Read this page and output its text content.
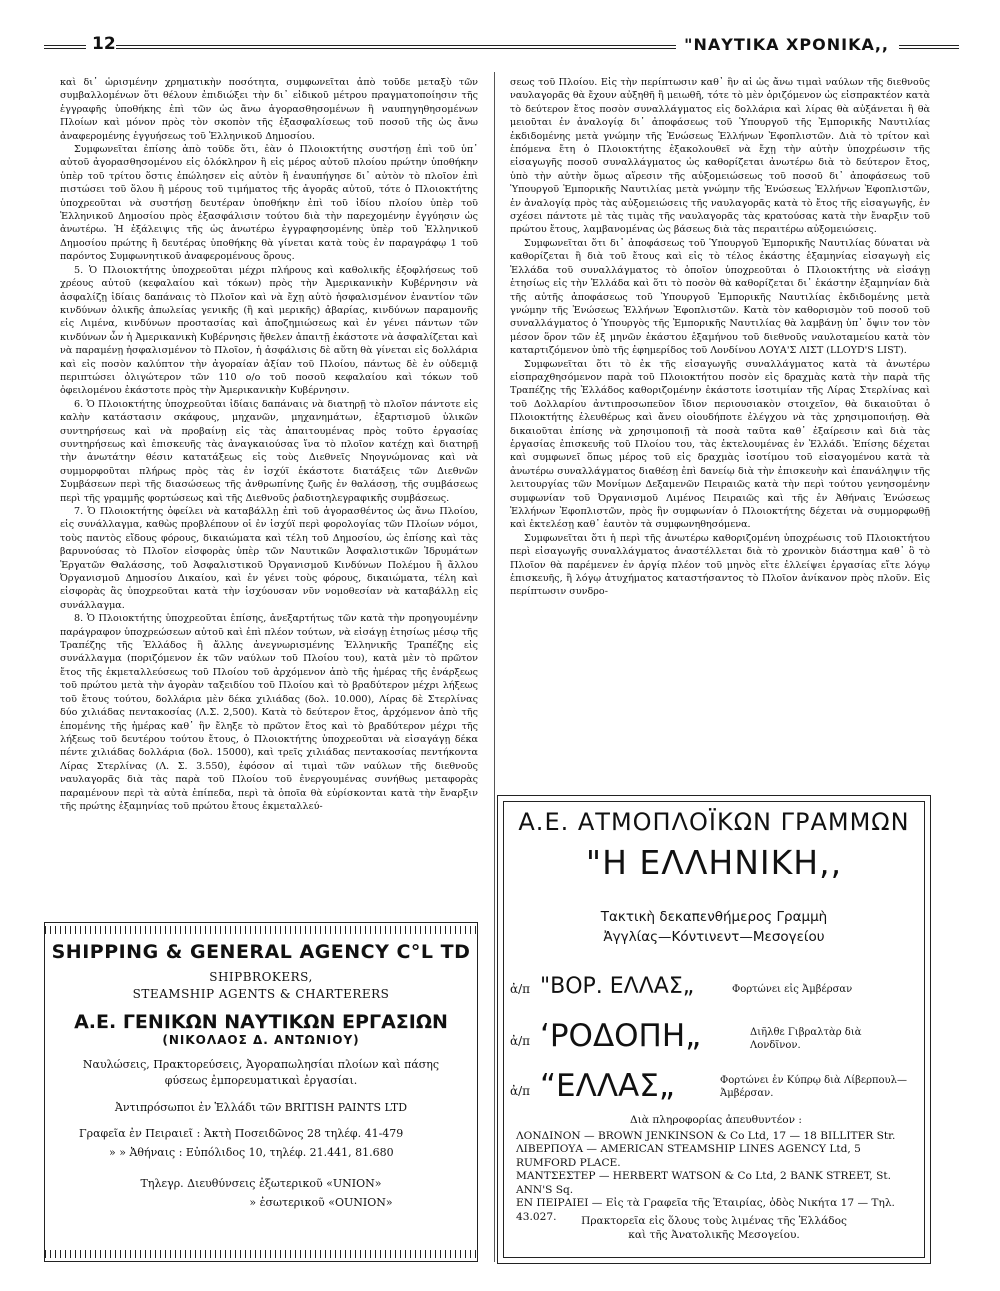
12	"ΝΑΥΤΙΚΑ ΧΡΟΝΙΚΑ,,

καὶ δι᾽ ὡρισμένην χρηματικὴν ποσότητα, συμφωνεῖται ἀπὸ τοῦδε μεταξὺ τῶν συμβαλλομένων ὅτι θέλουν ἐπιδιώξει τὴν δι᾽ εἰδικοῦ μέτρου πραγματοποίησιν τῆς ἐγγραφῆς ὑποθήκης ἐπὶ τῶν ὡς ἄνω ἀγορασθησομένων ἢ ναυπηγηθησομένων Πλοίων καὶ μόνον πρὸς τὸν σκοπὸν τῆς ἐξασφαλίσεως τοῦ ποσοῦ τῆς ὡς ἄνω ἀναφερομένης ἐγγυήσεως τοῦ Ἑλληνικοῦ Δημοσίου.

Συμφωνεῖται ἐπίσης ἀπὸ τοῦδε ὅτι, ἐὰν ὁ Πλοιοκτήτης συστήσῃ ἐπὶ τοῦ ὑπ᾽ αὐτοῦ ἀγορασθησομένου εἰς ὁλόκληρον ἢ εἰς μέρος αὐτοῦ πλοίου πρώτην ὑποθήκην ὑπὲρ τοῦ τρίτου ὅστις ἐπώλησεν εἰς αὐτὸν ἢ ἐναυπήγησε δι᾽ αὐτὸν τὸ πλοῖον ἐπὶ πιστώσει τοῦ ὅλου ἢ μέρους τοῦ τιμήματος τῆς ἀγορᾶς αὐτοῦ, τότε ὁ Πλοιοκτήτης ὑποχρεοῦται νὰ συστήσῃ δευτέραν ὑποθήκην ἐπὶ τοῦ ἰδίου πλοίου ὑπὲρ τοῦ Ἑλληνικοῦ Δημοσίου πρὸς ἐξασφάλισιν τούτου διὰ τὴν παρεχομένην ἐγγύησιν ὡς ἀνωτέρω. Ἡ ἐξάλειψις τῆς ὡς ἀνωτέρω ἐγγραφησομένης ὑπὲρ τοῦ Ἑλληνικοῦ Δημοσίου πρώτης ἢ δευτέρας ὑποθήκης θὰ γίνεται κατὰ τοὺς ἐν παραγράφῳ 1 τοῦ παρόντος Συμφωνητικοῦ ἀναφερομένους ὅρους.

5. Ὁ Πλοιοκτήτης ὑποχρεοῦται μέχρι πλήρους καὶ καθολικῆς ἐξοφλήσεως τοῦ χρέους αὐτοῦ (κεφαλαίου καὶ τόκων) πρὸς τὴν Ἀμερικανικὴν Κυβέρνησιν νὰ ἀσφαλίζῃ ἰδίαις δαπάναις τὸ Πλοῖον καὶ νὰ ἔχῃ αὐτὸ ἠσφαλισμένον ἐναντίον τῶν κινδύνων ὁλικῆς ἀπωλείας γενικῆς (ἢ καὶ μερικῆς) ἀβαρίας, κινδύνων παραμονῆς εἰς Λιμένα, κινδύνων προστασίας καὶ ἀποζημιώσεως καὶ ἐν γένει πάντων τῶν κινδύνων ὧν ἡ Ἀμερικανικὴ Κυβέρνησις ἤθελεν ἀπαιτῇ ἑκάστοτε νὰ ἀσφαλίζεται καὶ νὰ παραμένῃ ἠσφαλισμένον τὸ Πλοῖον, ἡ ἀσφάλισις δὲ αὕτη θὰ γίνεται εἰς δολλάρια καὶ εἰς ποσὸν καλύπτον τὴν ἀγοραίαν ἀξίαν τοῦ Πλοίου, πάντως δὲ ἐν οὐδεμιᾷ περιπτώσει ὀλιγώτερον τῶν 110 ο/ο τοῦ ποσοῦ κεφαλαίου καὶ τόκων τοῦ ὀφειλομένου ἑκάστοτε πρὸς τὴν Ἀμερικανικὴν Κυβέρνησιν.

6. Ὁ Πλοιοκτήτης ὑποχρεοῦται ἰδίαις δαπάναις νὰ διατηρῇ τὸ πλοῖον πάντοτε εἰς καλὴν κατάστασιν σκάφους, μηχανῶν, μηχανημάτων, ἐξαρτισμοῦ ὑλικῶν συντηρήσεως καὶ νὰ προβαίνῃ εἰς τὰς ἀπαιτουμένας πρὸς τοῦτο ἐργασίας συντηρήσεως καὶ ἐπισκευῆς τὰς ἀναγκαιούσας ἵνα τὸ πλοῖον κατέχῃ καὶ διατηρῇ τὴν ἀνωτάτην θέσιν κατατάξεως εἰς τοὺς Διεθνεῖς Νηογνώμονας καὶ νὰ συμμορφοῦται πλήρως πρὸς τὰς ἐν ἰσχύϊ ἑκάστοτε διατάξεις τῶν Διεθνῶν Συμβάσεων περὶ τῆς διασώσεως τῆς ἀνθρωπίνης ζωῆς ἐν θαλάσσῃ, τῆς συμβάσεως περὶ τῆς γραμμῆς φορτώσεως καὶ τῆς Διεθνοῦς ῥαδιοτηλεγραφικῆς συμβάσεως.

7. Ὁ Πλοιοκτήτης ὀφείλει νὰ καταβάλλῃ ἐπὶ τοῦ ἀγορασθέντος ὡς ἄνω Πλοίου, εἰς συνάλλαγμα, καθὼς προβλέπουν οἱ ἐν ἰσχύϊ περὶ φορολογίας τῶν Πλοίων νόμοι, τοὺς παντὸς εἴδους φόρους, δικαιώματα καὶ τέλη τοῦ Δημοσίου, ὡς ἐπίσης καὶ τὰς βαρυνούσας τὸ Πλοῖον εἰσφορὰς ὑπὲρ τῶν Ναυτικῶν Ἀσφαλιστικῶν Ἱδρυμάτων Ἐργατῶν Θαλάσσης, τοῦ Ἀσφαλιστικοῦ Ὀργανισμοῦ Κινδύνων Πολέμου ἢ ἄλλου Ὀργανισμοῦ Δημοσίου Δικαίου, καὶ ἐν γένει τοὺς φόρους, δικαιώματα, τέλη καὶ εἰσφορὰς ἃς ὑποχρεοῦται κατὰ τὴν ἰσχύουσαν νῦν νομοθεσίαν νὰ καταβάλλῃ εἰς συνάλλαγμα.

8. Ὁ Πλοιοκτήτης ὑποχρεοῦται ἐπίσης, ἀνεξαρτήτως τῶν κατὰ τὴν προηγουμένην παράγραφον ὑποχρεώσεων αὐτοῦ καὶ ἐπὶ πλέον τούτων, νὰ εἰσάγῃ ἐτησίως μέσῳ τῆς Τραπέζης τῆς Ἑλλάδος ἢ ἄλλης ἀνεγνωρισμένης Ἑλληνικῆς Τραπέζης εἰς συνάλλαγμα (ποριζόμενον ἐκ τῶν ναύλων τοῦ Πλοίου του), κατὰ μὲν τὸ πρῶτον ἔτος τῆς ἐκμεταλλεύσεως τοῦ Πλοίου τοῦ ἀρχόμενον ἀπὸ τῆς ἡμέρας τῆς ἐνάρξεως τοῦ πρώτου μετὰ τὴν ἀγορὰν ταξειδίου τοῦ Πλοίου καὶ τὸ βραδύτερον μέχρι λήξεως τοῦ ἔτους τούτου, δολλάρια μὲν δέκα χιλιάδας (δολ. 10.000), Λίρας δὲ Στερλίνας δύο χιλιάδας πεντακοσίας (Λ.Σ. 2,500). Κατὰ τὸ δεύτερον ἔτος, ἀρχόμενον ἀπὸ τῆς ἐπομένης τῆς ἡμέρας καθ᾽ ἣν ἔληξε τὸ πρῶτον ἔτος καὶ τὸ βραδύτερον μέχρι τῆς λήξεως τοῦ δευτέρου τούτου ἔτους, ὁ Πλοιοκτήτης ὑποχρεοῦται νὰ εἰσαγάγῃ δέκα πέντε χιλιάδας δολλάρια (δολ. 15000), καὶ τρεῖς χιλιάδας πεντακοσίας πεντήκοντα Λίρας Στερλίνας (Λ. Σ. 3.550), ἐφόσον αἱ τιμαὶ τῶν ναύλων τῆς διεθνοῦς ναυλαγορᾶς διὰ τὰς παρὰ τοῦ Πλοίου τοῦ ἐνεργουμένας συνήθως μεταφορὰς παραμένουν περὶ τὰ αὐτὰ ἐπίπεδα, περὶ τὰ ὁποῖα θὰ εὑρίσκονται κατὰ τὴν ἔναρξιν τῆς πρώτης ἑξαμηνίας τοῦ πρώτου ἔτους ἐκμεταλλεύ-

σεως τοῦ Πλοίου. Εἰς τὴν περίπτωσιν καθ᾽ ἣν αἱ ὡς ἄνω τιμαὶ ναύλων τῆς διεθνοῦς ναυλαγορᾶς θὰ ἔχουν αὐξηθῆ ἢ μειωθῆ, τότε τὸ μὲν ὁριζόμενον ὡς εἰσπρακτέον κατὰ τὸ δεύτερον ἔτος ποσὸν συναλλάγματος εἰς δολλάρια καὶ λίρας θὰ αὐξάνεται ἢ θὰ μειοῦται ἐν ἀναλογίᾳ δι᾽ ἀποφάσεως τοῦ Ὑπουργοῦ τῆς Ἐμπορικῆς Ναυτιλίας ἐκδιδομένης μετὰ γνώμην τῆς Ἑνώσεως Ἑλλήνων Ἐφοπλιστῶν. Διὰ τὸ τρίτον καὶ ἑπόμενα ἔτη ὁ Πλοιοκτήτης ἐξακολουθεῖ νὰ ἔχῃ τὴν αὐτὴν ὑποχρέωσιν τῆς εἰσαγωγῆς ποσοῦ συναλλάγματος ὡς καθορίζεται ἀνωτέρω διὰ τὸ δεύτερον ἔτος, ὑπὸ τὴν αὐτὴν ὅμως αἵρεσιν τῆς αὐξομειώσεως τοῦ ποσοῦ δι᾽ ἀποφάσεως τοῦ Ὑπουργοῦ Ἐμπορικῆς Ναυτιλίας μετὰ γνώμην τῆς Ἑνώσεως Ἑλλήνων Ἐφοπλιστῶν, ἐν ἀναλογίᾳ πρὸς τὰς αὐξομειώσεις τῆς ναυλαγορᾶς κατὰ τὸ ἔτος τῆς εἰσαγωγῆς, ἐν σχέσει πάντοτε μὲ τὰς τιμὰς τῆς ναυλαγορᾶς τὰς κρατούσας κατὰ τὴν ἔναρξιν τοῦ πρώτου ἔτους, λαμβανομένας ὡς βάσεως διὰ τὰς περαιτέρω αὐξομειώσεις.

Συμφωνεῖται ὅτι δι᾽ ἀποφάσεως τοῦ Ὑπουργοῦ Ἐμπορικῆς Ναυτιλίας δύναται νὰ καθορίζεται ἢ διὰ τοῦ ἔτους καὶ εἰς τὸ τέλος ἑκάστης ἑξαμηνίας εἰσαγωγὴ εἰς Ἑλλάδα τοῦ συναλλάγματος τὸ ὁποῖον ὑποχρεοῦται ὁ Πλοιοκτήτης νὰ εἰσάγῃ ἐτησίως εἰς τὴν Ἑλλάδα καὶ ὅτι τὸ ποσὸν θὰ καθορίζεται δι᾽ ἑκάστην ἑξαμηνίαν διὰ τῆς αὐτῆς ἀποφάσεως τοῦ Ὑπουργοῦ Ἐμπορικῆς Ναυτιλίας ἐκδιδομένης μετὰ γνώμην τῆς Ἑνώσεως Ἑλλήνων Ἐφοπλιστῶν. Κατὰ τὸν καθορισμὸν τοῦ ποσοῦ τοῦ συναλλάγματος ὁ Ὑπουργὸς τῆς Ἐμπορικῆς Ναυτιλίας θὰ λαμβάνῃ ὑπ᾽ ὄψιν τον τὸν μέσον ὅρον τῶν ἐξ μηνῶν ἑκάστου ἑξαμήνου τοῦ διεθνοῦς ναυλοταμείου κατὰ τὸν καταρτιζόμενον ὑπὸ τῆς ἐφημερίδος τοῦ Λονδίνου ΛΟΥΑ'Σ ΛΙΣΤ (LLOYD'S LIST).

Συμφωνεῖται ὅτι τὸ ἐκ τῆς εἰσαγωγῆς συναλλάγματος κατὰ τὰ ἀνωτέρω εἰσπραχθησόμενον παρὰ τοῦ Πλοιοκτήτου ποσὸν εἰς δραχμὰς κατὰ τὴν παρὰ τῆς Τραπέζης τῆς Ἑλλάδος καθοριζομένην ἑκάστοτε ἰσοτιμίαν τῆς Λίρας Στερλίνας καὶ τοῦ Δολλαρίου ἀντιπροσωπεῦον ἴδιον περιουσιακὸν στοιχεῖον, θὰ δικαιοῦται ὁ Πλοιοκτήτης ἐλευθέρως καὶ ἄνευ οἱουδήποτε ἐλέγχου νὰ τὰς χρησιμοποιήσῃ. Θὰ δικαιοῦται ἐπίσης νὰ χρησιμοποιῇ τὰ ποσὰ ταῦτα καθ᾽ ἐξαίρεσιν καὶ διὰ τὰς ἐργασίας ἐπισκευῆς τοῦ Πλοίου του, τὰς ἐκτελουμένας ἐν Ἑλλάδι. Ἐπίσης δέχεται καὶ συμφωνεῖ ὅπως μέρος τοῦ εἰς δραχμὰς ἰσοτίμου τοῦ εἰσαγομένου κατὰ τὰ ἀνωτέρω συναλλάγματος διαθέσῃ ἐπὶ δανείῳ διὰ τὴν ἐπισκευὴν καὶ ἐπανάληψιν τῆς λειτουργίας τῶν Μονίμων Δεξαμενῶν Πειραιῶς κατὰ τὴν περὶ τούτου γενησομένην συμφωνίαν τοῦ Ὀργανισμοῦ Λιμένος Πειραιῶς καὶ τῆς ἐν Ἀθήναις Ἑνώσεως Ἑλλήνων Ἐφοπλιστῶν, πρὸς ἣν συμφωνίαν ὁ Πλοιοκτήτης δέχεται νὰ συμμορφωθῇ καὶ ἐκτελέσῃ καθ᾽ ἑαυτὸν τὰ συμφωνηθησόμενα.

Συμφωνεῖται ὅτι ἡ περὶ τῆς ἀνωτέρω καθοριζομένη ὑποχρέωσις τοῦ Πλοιοκτήτου περὶ εἰσαγωγῆς συναλλάγματος ἀναστέλλεται διὰ τὸ χρονικὸν διάστημα καθ᾽ ὃ τὸ Πλοῖον θὰ παρέμενεν ἐν ἀργίᾳ πλέον τοῦ μηνὸς εἴτε ἐλλείψει ἐργασίας εἴτε λόγῳ ἐπισκευῆς, ἢ λόγῳ ἀτυχήματος καταστήσαντος τὸ Πλοῖον ἀνίκανον πρὸς πλοῦν. Εἰς περίπτωσιν συνδρο-

SHIPPING & GENERAL AGENCY C°L TD
SHIPBROKERS,
STEAMSHIP AGENTS & CHARTERERS
Α.Ε. ΓΕΝΙΚΩΝ ΝΑΥΤΙΚΩΝ ΕΡΓΑΣΙΩΝ
(ΝΙΚΟΛΑΟΣ Δ. ΑΝΤΩΝΙΟΥ)
Ναυλώσεις, Πρακτορεύσεις, Ἀγοραπωλησίαι πλοίων καὶ πάσης
φύσεως ἐμπορευματικαὶ ἐργασίαι.
Ἀντιπρόσωποι ἐν Ἑλλάδι τῶν BRITISH PAINTS LTD
Γραφεῖα ἐν Πειραιεῖ : Ἀκτὴ Ποσειδῶνος 28 τηλέφ. 41-479
» » Ἀθήναις : Εὐπόλιδος 10, τηλέφ. 21.441, 81.680
Τηλεγρ. Διευθύνσεις ἐξωτερικοῦ «UNION»
» ἐσωτερικοῦ «OUNION»
Α.Ε. ΑΤΜΟΠΛΟΪΚΩΝ ΓΡΑΜΜΩΝ
"Η ΕΛΛΗΝΙΚΗ,,
Τακτικὴ δεκαπενθήμερος Γραμμὴ
Ἀγγλίας—Κόντινεντ—Μεσογείου
ἀ/π "ΒΟΡ. ΕΛΛΑΣ„	Φορτώνει εἰς Ἀμβέρσαν
ἀ/π ‘ΡΟΔΟΠΗ„	Διῆλθε Γιβραλτὰρ διὰ Λονδῖνον.
ἀ/π “ΕΛΛΑΣ„	Φορτώνει ἐν Κύπρῳ διὰ Λίβερπουλ—Ἀμβέρσαν.
Διὰ πληροφορίας ἀπευθυντέον :
ΛΟΝΔΙΝΟΝ — BROWN JENKINSON & Co Ltd, 17 — 18 BILLITER Str.
ΛΙΒΕΡΠΟΥΑ — AMERICAN STEAMSHIP LINES AGENCY Ltd, 5 RUMFORD PLACE.
ΜΑΝΤΣΕΣΤΕΡ — HERBERT WATSON & Co Ltd, 2 BANK STREET, St. ANN'S Sq.
ΕΝ ΠΕΙΡΑΙΕΙ — Εἰς τὰ Γραφεῖα τῆς Ἑταιρίας, ὁδὸς Νικήτα 17 — Τηλ. 43.027.	Πρακτορεῖα εἰς ὅλους τοὺς λιμένας τῆς Ἑλλάδος
καὶ τῆς Ἀνατολικῆς Μεσογείου.
